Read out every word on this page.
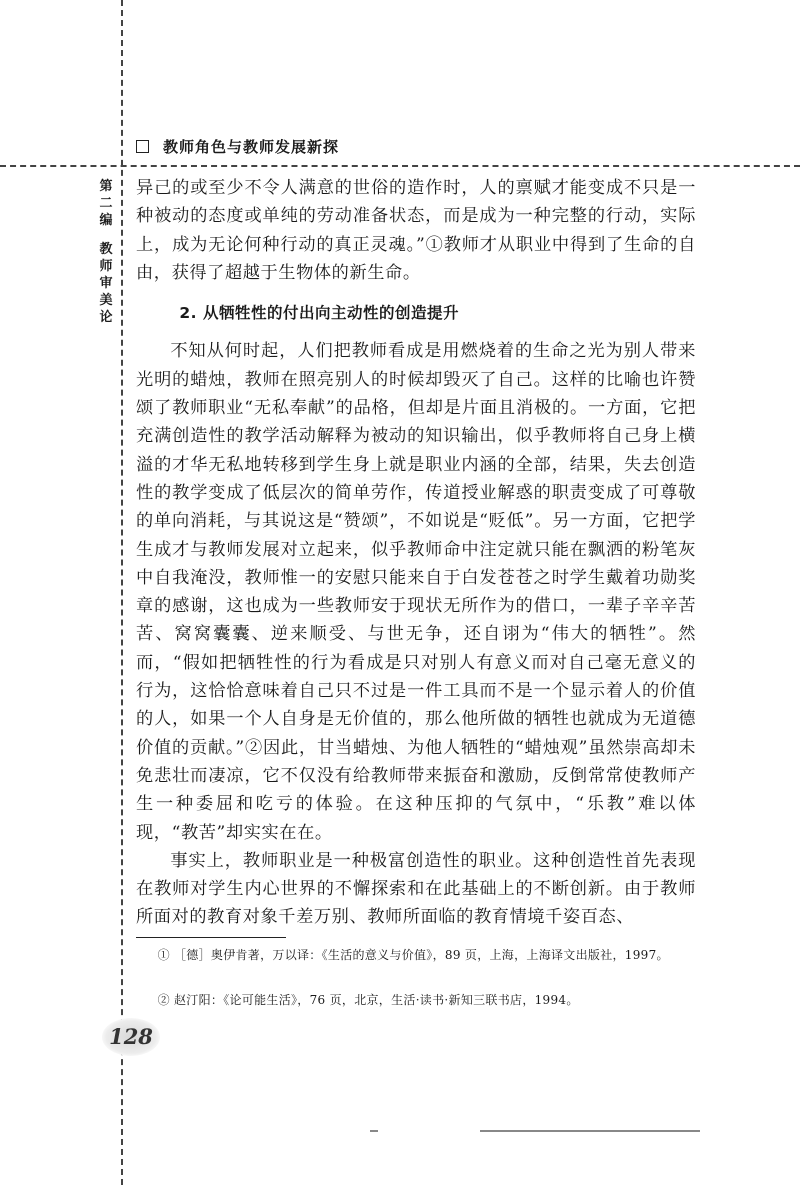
教师角色与教师发展新探
第二编
教师审美论

异己的或至少不令人满意的世俗的造作时，人的禀赋才能变成不只是一种被动的态度或单纯的劳动准备状态，而是成为一种完整的行动，实际上，成为无论何种行动的真正灵魂。”①教师才从职业中得到了生命的自由，获得了超越于生物体的新生命。

2. 从牺牲性的付出向主动性的创造提升

不知从何时起，人们把教师看成是用燃烧着的生命之光为别人带来光明的蜡烛，教师在照亮别人的时候却毁灭了自己。这样的比喻也许赞颂了教师职业“无私奉献”的品格，但却是片面且消极的。一方面，它把充满创造性的教学活动解释为被动的知识输出，似乎教师将自己身上横溢的才华无私地转移到学生身上就是职业内涵的全部，结果，失去创造性的教学变成了低层次的简单劳作，传道授业解惑的职责变成了可尊敬的单向消耗，与其说这是“赞颂”，不如说是“贬低”。另一方面，它把学生成才与教师发展对立起来，似乎教师命中注定就只能在飘洒的粉笔灰中自我淹没，教师惟一的安慰只能来自于白发苍苍之时学生戴着功勋奖章的感谢，这也成为一些教师安于现状无所作为的借口，一辈子辛辛苦苦、窝窝囊囊、逆来顺受、与世无争，还自诩为“伟大的牺牲”。然而，“假如把牺牲性的行为看成是只对别人有意义而对自己毫无意义的行为，这恰恰意味着自己只不过是一件工具而不是一个显示着人的价值的人，如果一个人自身是无价值的，那么他所做的牺牲也就成为无道德价值的贡献。”②因此，甘当蜡烛、为他人牺牲的“蜡烛观”虽然崇高却未免悲壮而凄凉，它不仅没有给教师带来振奋和激励，反倒常常使教师产生一种委屈和吃亏的体验。在这种压抑的气氛中，“乐教”难以体现，“教苦”却实实在在。

事实上，教师职业是一种极富创造性的职业。这种创造性首先表现在教师对学生内心世界的不懈探索和在此基础上的不断创新。由于教师所面对的教育对象千差万别、教师所面临的教育情境千姿百态、

① ［德］奥伊肯著，万以译：《生活的意义与价值》，89 页，上海，上海译文出版社，1997。
② 赵汀阳：《论可能生活》，76 页，北京，生活·读书·新知三联书店，1994。
128
